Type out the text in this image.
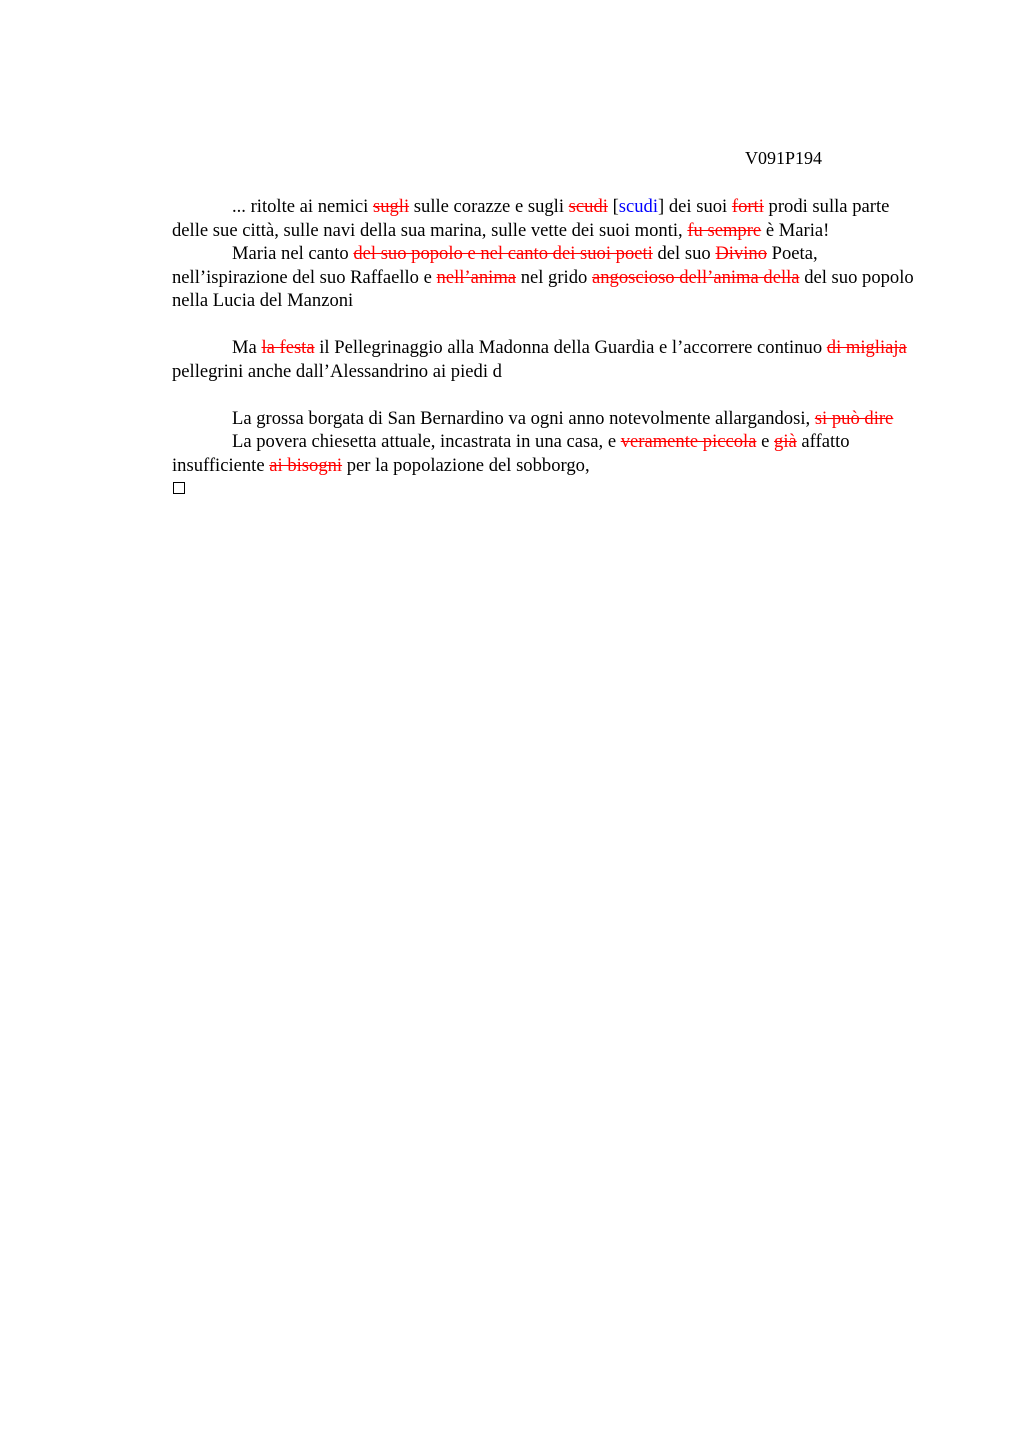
V091P194

... ritolte ai nemici sugli sulle corazze e sugli scudi [scudi] dei suoi forti prodi sulla parte delle sue città, sulle navi della sua marina, sulle vette dei suoi monti, fu sempre è Maria!

Maria nel canto del suo popolo e nel canto dei suoi poeti del suo Divino Poeta, nell’ispirazione del suo Raffaello e nell’anima nel grido angoscioso dell’anima della del suo popolo nella Lucia del Manzoni

Ma la festa il Pellegrinaggio alla Madonna della Guardia e l’accorrere continuo di migliaja pellegrini anche dall’Alessandrino ai piedi d

La grossa borgata di San Bernardino va ogni anno notevolmente allargandosi, si può dire

La povera chiesetta attuale, incastrata in una casa, e veramente piccola e già affatto insufficiente ai bisogni per la popolazione del sobborgo,
